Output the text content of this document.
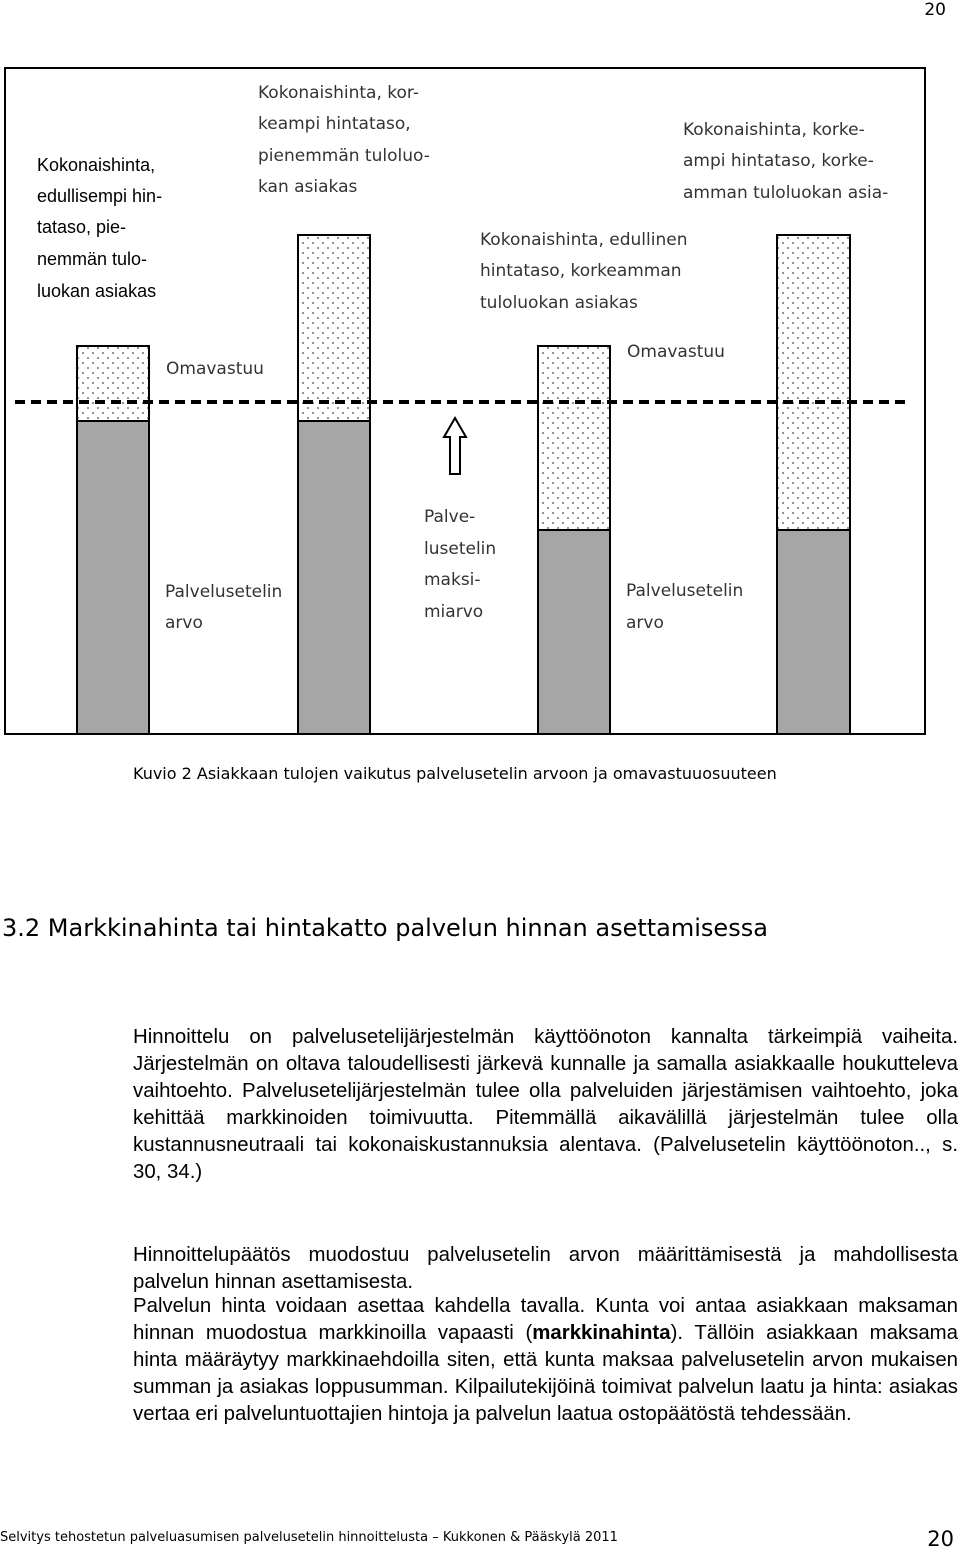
20
Kokonaishinta, edullisempi hin- tataso, pie- nemmän tulo- luokan asiakas
Kokonaishinta, kor- keampi hintataso, pienemmän tuloluo- kan asiakas
Kokonaishinta, edullinen hintataso, korkeamman tuloluokan asiakas
Kokonaishinta, korke- ampi hintataso, korke- amman tuloluokan asia-
Omavastuu
Omavastuu
Palvelusetelin arvo
Palve- lusetelin maksi- miarvo
Palvelusetelin arvo
Kuvio 2 Asiakkaan tulojen vaikutus palvelusetelin arvoon ja omavastuuosuuteen
3.2 Markkinahinta tai hintakatto palvelun hinnan asettamisessa

Hinnoittelu on palvelusetelijärjestelmän käyttöönoton kannalta tärkeimpiä vaiheita. Järjestelmän on oltava taloudellisesti järkevä kunnalle ja samalla asiakkaalle houkutteleva vaihtoehto. Palvelusetelijärjestelmän tulee olla palveluiden järjestämisen vaihtoehto, joka kehittää markkinoiden toimivuutta. Pitemmällä aikavälillä järjestelmän tulee olla kustannusneutraali tai kokonaiskustannuksia alentava. (Palvelusetelin käyttöönoton.., s. 30, 34.)

Hinnoittelupäätös muodostuu palvelusetelin arvon määrittämisestä ja mahdollisesta palvelun hinnan asettamisesta.

Palvelun hinta voidaan asettaa kahdella tavalla. Kunta voi antaa asiakkaan maksaman hinnan muodostua markkinoilla vapaasti (markkinahinta). Tällöin asiakkaan maksama hinta määräytyy markkinaehdoilla siten, että kunta maksaa palvelusetelin arvon mukaisen summan ja asiakas loppusumman. Kilpailutekijöinä toimivat palvelun laatu ja hinta: asiakas vertaa eri palveluntuottajien hintoja ja palvelun laatua ostopäätöstä tehdessään.

Selvitys tehostetun palveluasumisen palvelusetelin hinnoittelusta – Kukkonen & Pääskylä 2011	20
